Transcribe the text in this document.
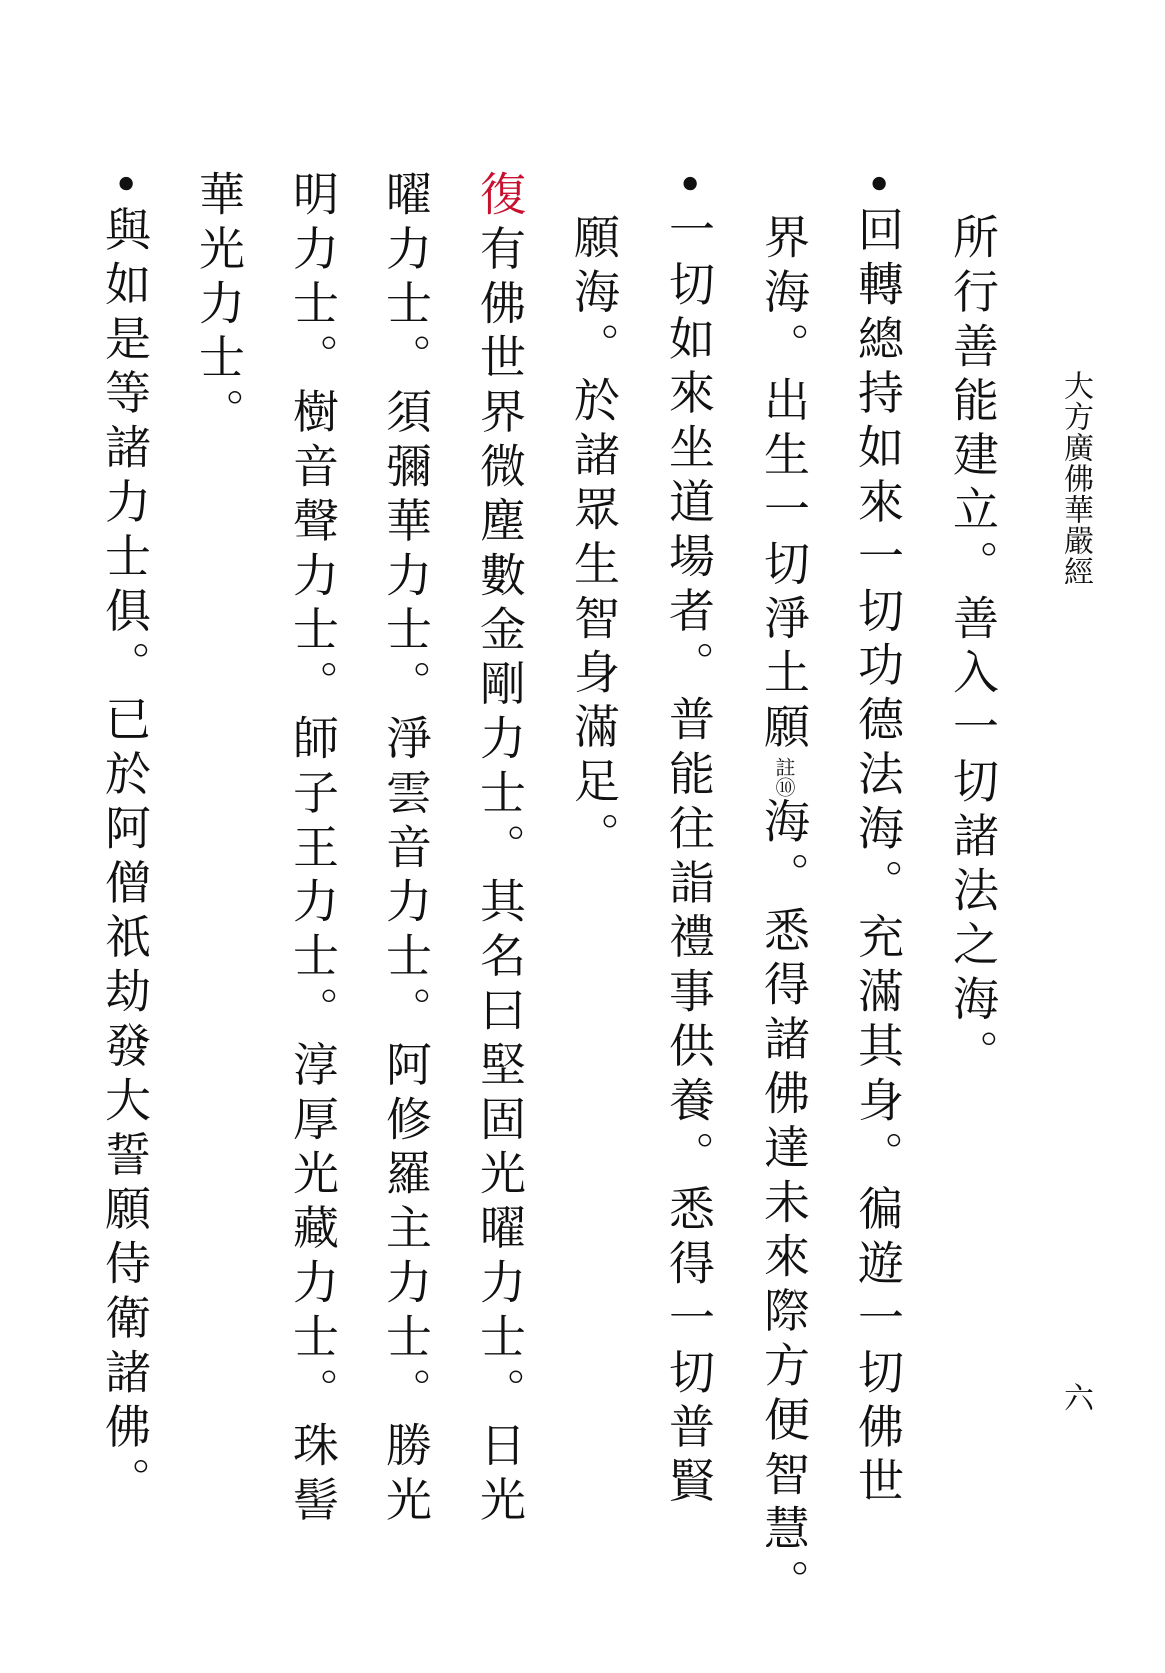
大方廣佛華嚴經
六
所行善能建立。善入一切諸法之海。
•回轉總持如來一切功德法海。充滿其身。徧遊一切佛世
界海。出生一切淨土願註⑩海。悉得諸佛達未來際方便智慧。
•一切如來坐道場者。普能往詣禮事供養。悉得一切普賢
願海。於諸眾生智身滿足。
復有佛世界微塵數金剛力士。其名曰堅固光曜力士。日光
曜力士。須彌華力士。淨雲音力士。阿修羅主力士。勝光
明力士。樹音聲力士。師子王力士。淳厚光藏力士。珠髻
華光力士。
•與如是等諸力士俱。已於阿僧祇劫發大誓願侍衛諸佛。
